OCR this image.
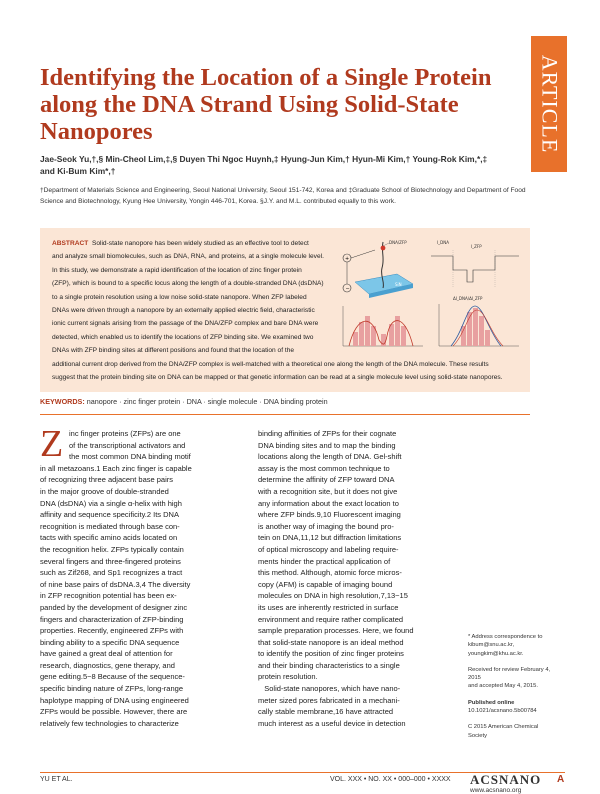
ARTICLE
Identifying the Location of a Single Protein along the DNA Strand Using Solid-State Nanopores
Jae-Seok Yu,†,§ Min-Cheol Lim,‡,§ Duyen Thi Ngoc Huynh,‡ Hyung-Jun Kim,† Hyun-Mi Kim,† Young-Rok Kim,*,‡
and Ki-Bum Kim*,†
†Department of Materials Science and Engineering, Seoul National University, Seoul 151-742, Korea and ‡Graduate School of Biotechnology and Department of Food
Science and Biotechnology, Kyung Hee University, Yongin 446-701, Korea. §J.Y. and M.L. contributed equally to this work.

ABSTRACT Solid-state nanopore has been widely studied as an effective tool to detect

and analyze small biomolecules, such as DNA, RNA, and proteins, at a single molecule level.

In this study, we demonstrate a rapid identification of the location of zinc finger protein

(ZFP), which is bound to a specific locus along the length of a double-stranded DNA (dsDNA)

to a single protein resolution using a low noise solid-state nanopore. When ZFP labeled

DNAs were driven through a nanopore by an externally applied electric field, characteristic

ionic current signals arising from the passage of the DNA/ZFP complex and bare DNA were

detected, which enabled us to identify the locations of ZFP binding site. We examined two

DNAs with ZFP binding sites at different positions and found that the location of the

additional current drop derived from the DNA/ZFP complex is well-matched with a theoretical one along the length of the DNA molecule. These results

suggest that the protein binding site on DNA can be mapped or that genetic information can be read at a single molecule level using solid-state nanopores.

+
−
SiN
DNA/ZFP	I_DNA
I_ZFP
ΔI_DNA/ΔI_ZFP
KEYWORDS: nanopore · zinc finger protein · DNA · single molecule · DNA binding protein
Z inc finger proteins (ZFPs) are one

of the transcriptional activators and

the most common DNA binding motif

in all metazoans.1 Each zinc finger is capable

of recognizing three adjacent base pairs

in the major groove of double-stranded

DNA (dsDNA) via a single α-helix with high

affinity and sequence specificity.2 Its DNA

recognition is mediated through base con-

tacts with specific amino acids located on

the recognition helix. ZFPs typically contain

several fingers and three-fingered proteins

such as Zif268, and Sp1 recognizes a tract

of nine base pairs of dsDNA.3,4 The diversity

in ZFP recognition potential has been ex-

panded by the development of designer zinc

fingers and characterization of ZFP-binding

properties. Recently, engineered ZFPs with

binding ability to a specific DNA sequence

have gained a great deal of attention for

research, diagnostics, gene therapy, and

gene editing.5−8 Because of the sequence-

specific binding nature of ZFPs, long-range

haplotype mapping of DNA using engineered

ZFPs would be possible. However, there are

relatively few technologies to characterize

binding affinities of ZFPs for their cognate

DNA binding sites and to map the binding

locations along the length of DNA. Gel-shift

assay is the most common technique to

determine the affinity of ZFP toward DNA

with a recognition site, but it does not give

any information about the exact location to

where ZFP binds.9,10 Fluorescent imaging

is another way of imaging the bound pro-

tein on DNA,11,12 but diffraction limitations

of optical microscopy and labeling require-

ments hinder the practical application of

this method. Although, atomic force micros-

copy (AFM) is capable of imaging bound

molecules on DNA in high resolution,7,13−15

its uses are inherently restricted in surface

environment and require rather complicated

sample preparation processes. Here, we found

that solid-state nanopore is an ideal method

to identify the position of zinc finger proteins

and their binding characteristics to a single

protein resolution.

Solid-state nanopores, which have nano-

meter sized pores fabricated in a mechani-

cally stable membrane,16 have attracted

much interest as a useful device in detection

* Address correspondence to

kibum@snu.ac.kr,

youngkim@khu.ac.kr.

Received for review February 4, 2015

and accepted May 4, 2015.

Published online

10.1021/acsnano.5b00784

C 2015 American Chemical Society

YU ET AL.	VOL. XXX • NO. XX • 000–000 • XXXX ACSNANO
www.acsnano.org
A
